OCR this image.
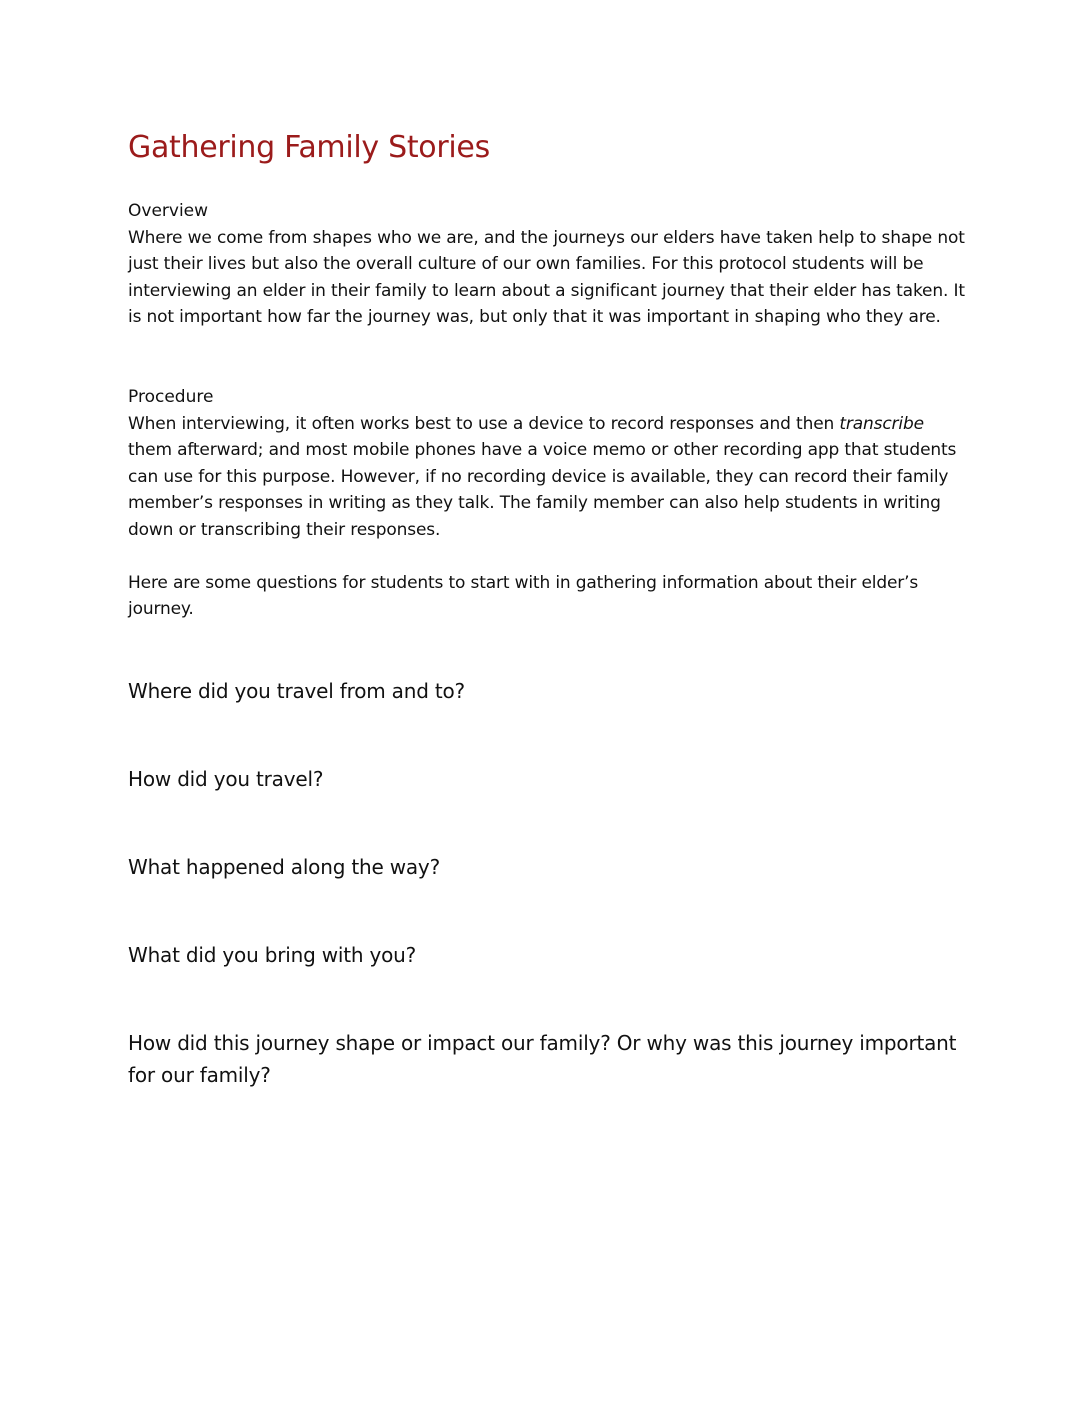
Gathering Family Stories

Overview

Where we come from shapes who we are, and the journeys our elders have taken help to shape not just their lives but also the overall culture of our own families. For this protocol students will be interviewing an elder in their family to learn about a significant journey that their elder has taken. It is not important how far the journey was, but only that it was important in shaping who they are.

Procedure

When interviewing, it often works best to use a device to record responses and then transcribe them afterward; and most mobile phones have a voice memo or other recording app that students can use for this purpose. However, if no recording device is available, they can record their family member’s responses in writing as they talk. The family member can also help students in writing down or transcribing their responses.

Here are some questions for students to start with in gathering information about their elder’s journey.

Where did you travel from and to?

How did you travel?

What happened along the way?

What did you bring with you?

How did this journey shape or impact our family? Or why was this journey important for our family?
